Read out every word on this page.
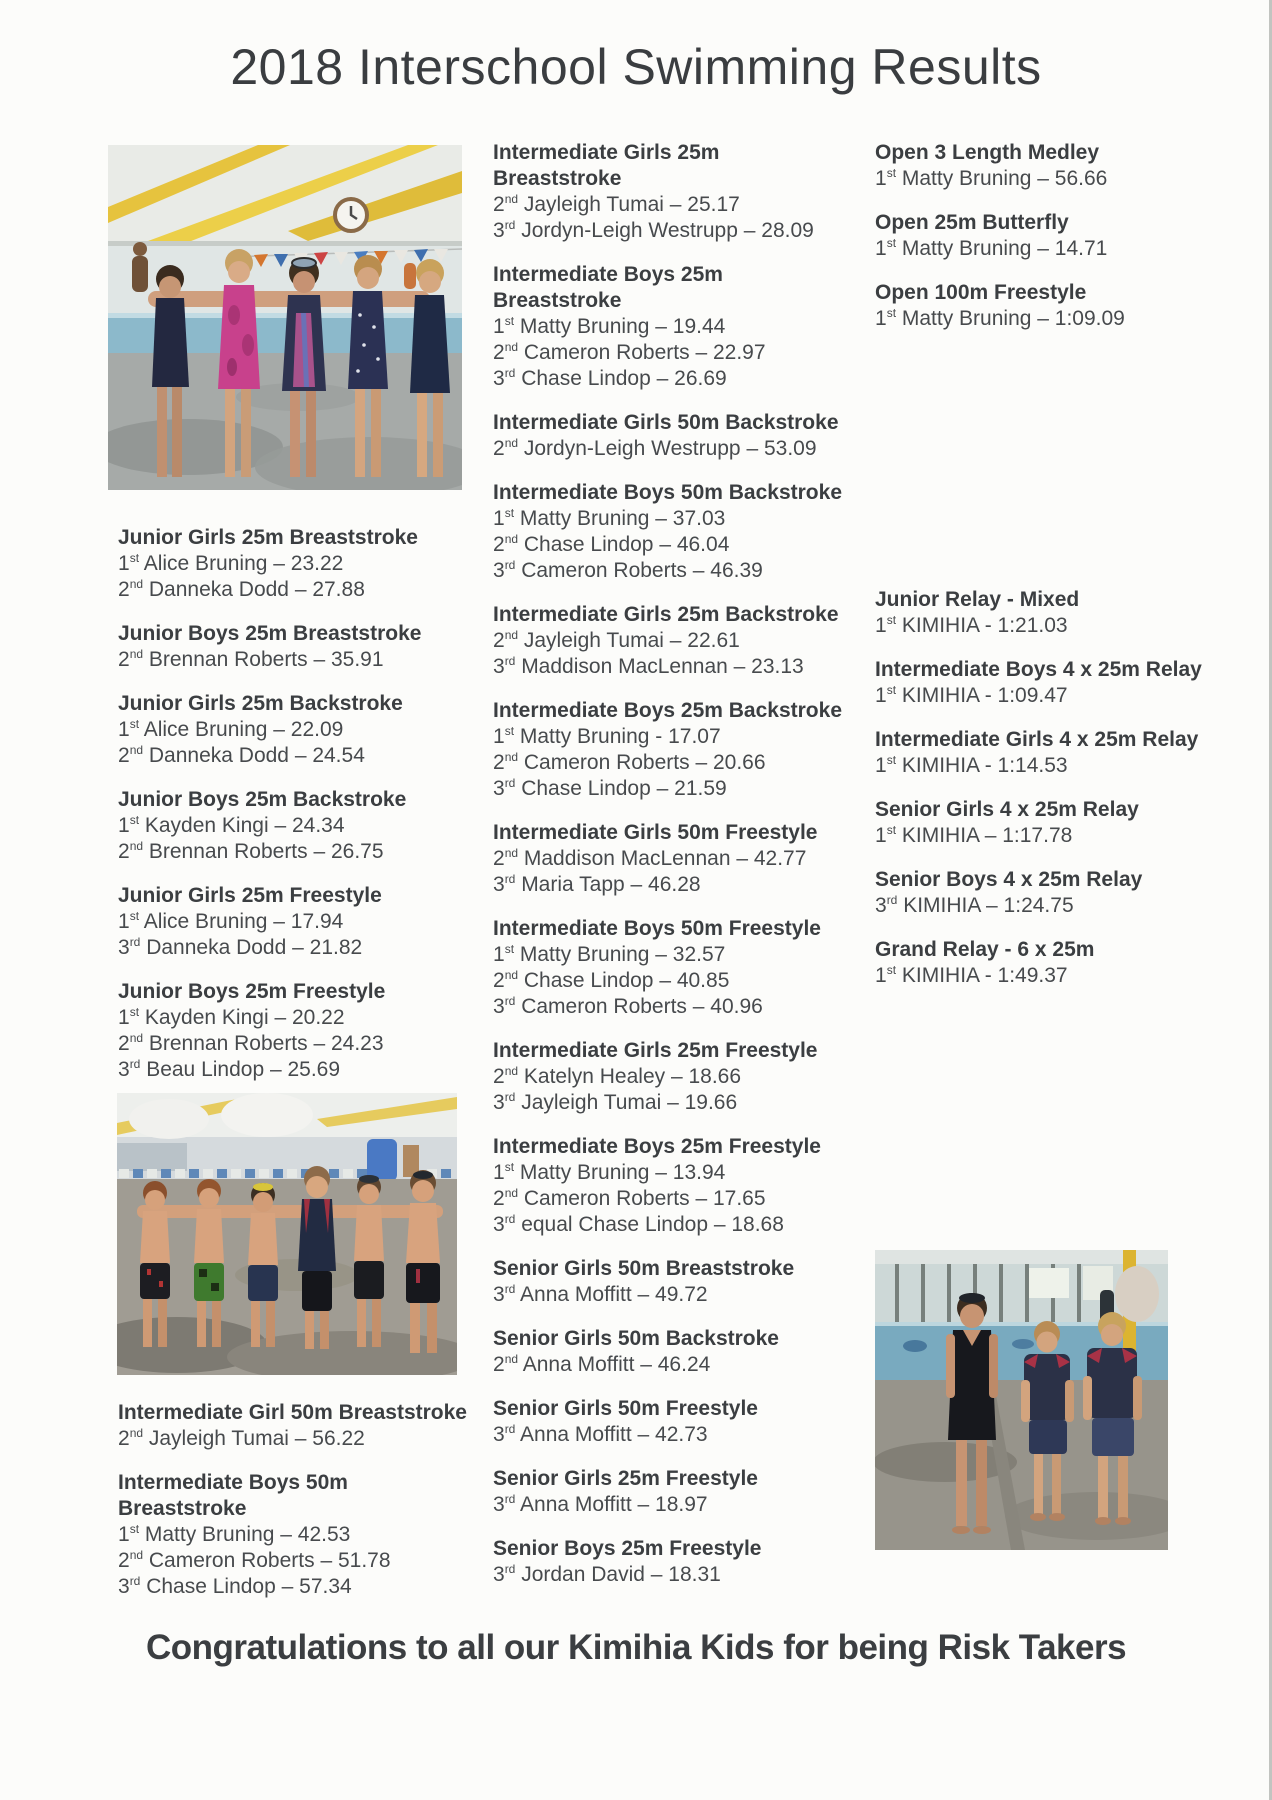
2018 Interschool Swimming Results
Junior Girls 25m Breaststroke
1st Alice Bruning – 23.22
2nd Danneka Dodd – 27.88
Junior Boys 25m Breaststroke
2nd Brennan Roberts – 35.91
Junior Girls 25m Backstroke
1st Alice Bruning – 22.09
2nd Danneka Dodd – 24.54
Junior Boys 25m Backstroke
1st Kayden Kingi – 24.34
2nd Brennan Roberts – 26.75
Junior Girls 25m Freestyle
1st Alice Bruning – 17.94
3rd Danneka Dodd – 21.82
Junior Boys 25m Freestyle
1st Kayden Kingi – 20.22
2nd Brennan Roberts – 24.23
3rd Beau Lindop – 25.69
Intermediate Girl 50m Breaststroke
2nd Jayleigh Tumai – 56.22
Intermediate Boys 50m
Breaststroke
1st Matty Bruning – 42.53
2nd Cameron Roberts – 51.78
3rd Chase Lindop – 57.34
Intermediate Girls 25m
Breaststroke
2nd Jayleigh Tumai – 25.17
3rd Jordyn-Leigh Westrupp – 28.09
Intermediate Boys 25m
Breaststroke
1st Matty Bruning – 19.44
2nd Cameron Roberts – 22.97
3rd Chase Lindop – 26.69
Intermediate Girls 50m Backstroke
2nd Jordyn-Leigh Westrupp – 53.09
Intermediate Boys 50m Backstroke
1st Matty Bruning – 37.03
2nd Chase Lindop – 46.04
3rd Cameron Roberts – 46.39
Intermediate Girls 25m Backstroke
2nd Jayleigh Tumai – 22.61
3rd Maddison MacLennan – 23.13
Intermediate Boys 25m Backstroke
1st Matty Bruning - 17.07
2nd Cameron Roberts – 20.66
3rd Chase Lindop – 21.59
Intermediate Girls 50m Freestyle
2nd Maddison MacLennan – 42.77
3rd Maria Tapp – 46.28
Intermediate Boys 50m Freestyle
1st Matty Bruning – 32.57
2nd Chase Lindop – 40.85
3rd Cameron Roberts – 40.96
Intermediate Girls 25m Freestyle
2nd Katelyn Healey – 18.66
3rd Jayleigh Tumai – 19.66
Intermediate Boys 25m Freestyle
1st Matty Bruning – 13.94
2nd Cameron Roberts – 17.65
3rd equal Chase Lindop – 18.68
Senior Girls 50m Breaststroke
3rd Anna Moffitt – 49.72
Senior Girls 50m Backstroke
2nd Anna Moffitt – 46.24
Senior Girls 50m Freestyle
3rd Anna Moffitt – 42.73
Senior Girls 25m Freestyle
3rd Anna Moffitt – 18.97
Senior Boys 25m Freestyle
3rd Jordan David – 18.31
Open 3 Length Medley
1st Matty Bruning – 56.66
Open 25m Butterfly
1st Matty Bruning – 14.71
Open 100m Freestyle
1st Matty Bruning – 1:09.09
Junior Relay - Mixed
1st KIMIHIA - 1:21.03
Intermediate Boys 4 x 25m Relay
1st KIMIHIA - 1:09.47
Intermediate Girls 4 x 25m Relay
1st KIMIHIA - 1:14.53
Senior Girls 4 x 25m Relay
1st KIMIHIA – 1:17.78
Senior Boys 4 x 25m Relay
3rd KIMIHIA – 1:24.75
Grand Relay - 6 x 25m
1st KIMIHIA - 1:49.37
Congratulations to all our Kimihia Kids for being Risk Takers
